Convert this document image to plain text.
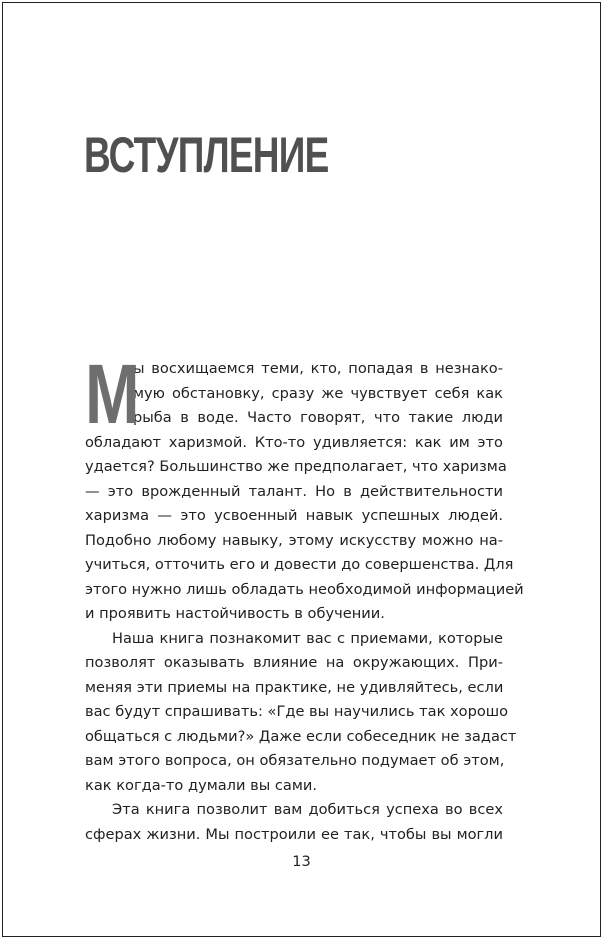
ВСТУПЛЕНИЕ
М
ы восхищаемся теми, кто, попадая в незнако-
мую обстановку, сразу же чувствует себя как
рыба в воде. Часто говорят, что такие люди
обладают харизмой. Кто-то удивляется: как им это
удается? Большинство же предполагает, что харизма
— это врожденный талант. Но в действительности
харизма — это усвоенный навык успешных людей.
Подобно любому навыку, этому искусству можно на-
учиться, отточить его и довести до совершенства. Для
этого нужно лишь обладать необходимой информацией
и проявить настойчивость в обучении.
Наша книга познакомит вас с приемами, которые
позволят оказывать влияние на окружающих. При-
меняя эти приемы на практике, не удивляйтесь, если
вас будут спрашивать: «Где вы научились так хорошо
общаться с людьми?» Даже если собеседник не задаст
вам этого вопроса, он обязательно подумает об этом,
как когда-то думали вы сами.
Эта книга позволит вам добиться успеха во всех
сферах жизни. Мы построили ее так, чтобы вы могли
13
